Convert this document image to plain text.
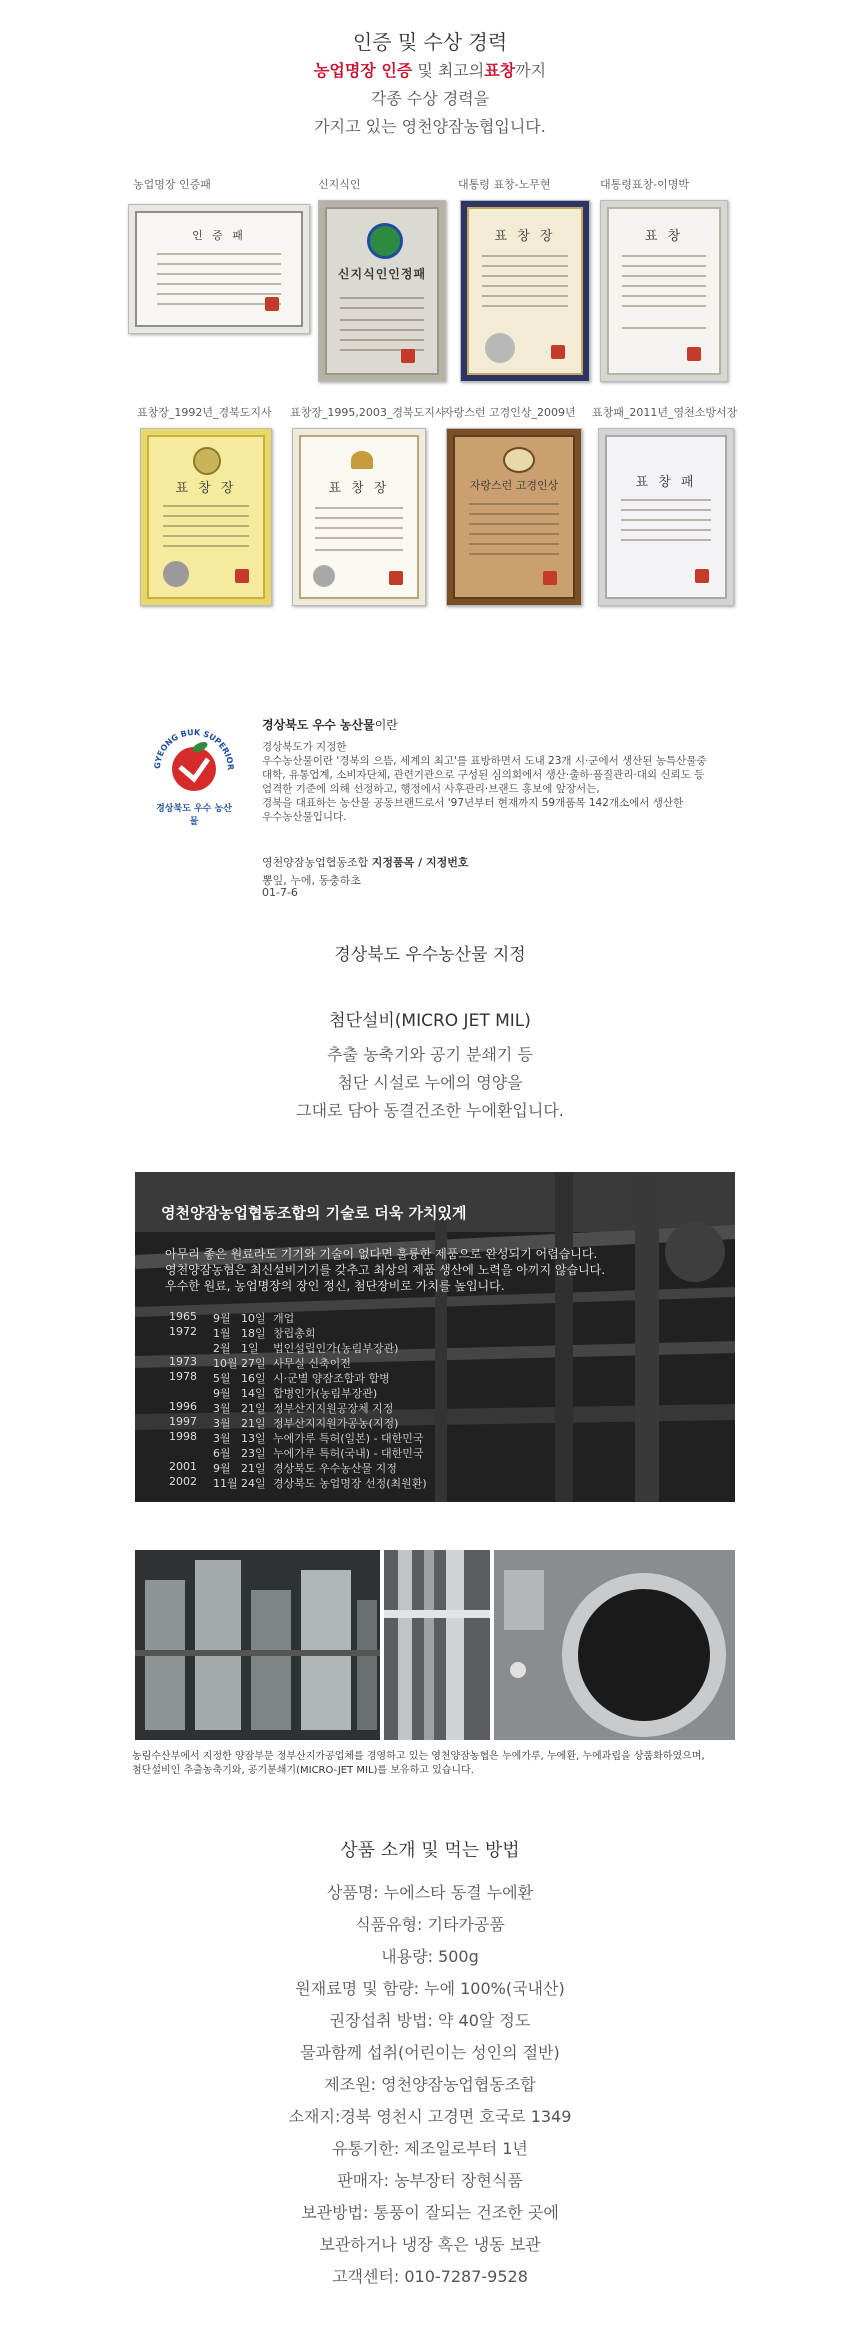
인증 및 수상 경력
농업명장 인증 및 최고의표창까지
각종 수상 경력을
가지고 있는 영천양잠농협입니다.
농업명장 인증패	신지식인	대통령 표창-노무현	대통령표창-이명박
인 증 패
신지식인인정패
표 창 장	표 창
표창장_1992년_경북도지사 표창장_1995,2003_경북도지사
자랑스런 고경인상_2009년 표창패_2011년_영천소방서장
표 창 장	표 창 장	자랑스런 고경인상	표 창 패
GYEONG BUK SUPERIOR
경상북도 우수 농산물
경상북도 우수 농산물이란
경상북도가 지정한
우수농산물이란 '경북의 으뜸, 세계의 최고'를 표방하면서 도내 23개 시·군에서 생산된 농특산물중
대학, 유통업계, 소비자단체, 관련기관으로 구성된 심의회에서 생산·출하·품질관리·대외 신뢰도 등
엄격한 기준에 의해 선정하고, 행정에서 사후관리·브랜드 홍보에 앞장서는,
경북을 대표하는 농산물 공동브랜드로서 '97년부터 현재까지 59개품목 142개소에서 생산한
우수농산물입니다.
영천양잠농업협동조합 지정품목 / 지정번호
뽕잎, 누에, 동충하초
01-7-6
경상북도 우수농산물 지정
첨단설비(MICRO JET MIL)
추출 농축기와 공기 분쇄기 등
첨단 시설로 누에의 영양을
그대로 담아 동결건조한 누에환입니다.
영천양잠농업협동조합의 기술로 더욱 가치있게
아무리 좋은 원료라도 기기와 기술이 없다면 훌륭한 제품으로 완성되기 어렵습니다.
영천양잠농협은 최신설비기기를 갖추고 최상의 제품 생산에 노력을 아끼지 않습니다.
우수한 원료, 농업명장의 장인 정신, 첨단장비로 가치를 높입니다.
1965 9월 10일 개업
1972 1월 18일 창립총회
2월 1일 법인설립인가(농림부장관)
1973 10월 27일 사무실 신축이전
1978 5월 16일 시·군별 양잠조합과 합병
9월 14일 합병인가(농림부장관)
1996 3월 21일 정부산지지원공장체 지정
1997 3월 21일 정부산지지원가공농(지정)
1998 3월 13일 누에가루 특허(일본) - 대한민국
6월 23일 누에가루 특허(국내) - 대한민국
2001 9월 21일 경상북도 우수농산물 지정
2002 11월 24일 경상북도 농업명장 선정(최원환)
농림수산부에서 지정한 양잠부문 정부산지가공업체를 경영하고 있는 영천양잠농협은 누에가루, 누에환, 누에과립을 상품화하였으며,
첨단설비인 추출농축기와, 공기분쇄기(MICRO-JET MIL)를 보유하고 있습니다.
상품 소개 및 먹는 방법
상품명: 누에스타 동결 누에환
식품유형: 기타가공품
내용량: 500g
원재료명 및 함량: 누에 100%(국내산)
권장섭취 방법: 약 40알 정도
물과함께 섭취(어린이는 성인의 절반)
제조원: 영천양잠농업협동조합
소재지:경북 영천시 고경면 호국로 1349
유통기한: 제조일로부터 1년
판매자: 농부장터 장현식품
보관방법: 통풍이 잘되는 건조한 곳에
보관하거나 냉장 혹은 냉동 보관
고객센터: 010-7287-9528
